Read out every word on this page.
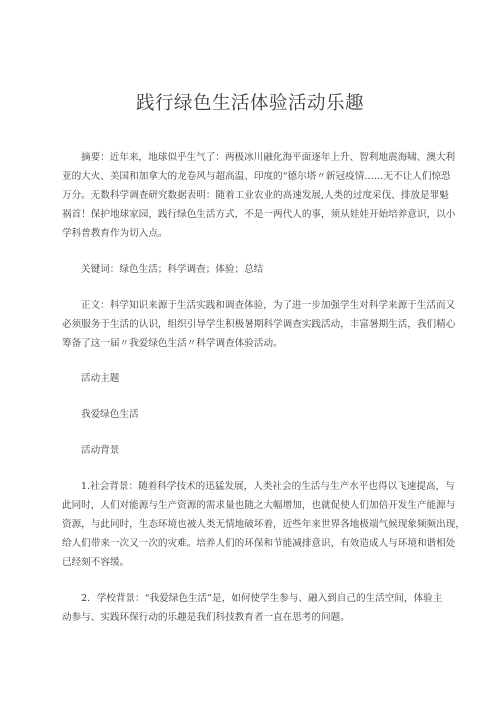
践行绿色生活体验活动乐趣
摘要：近年来，地球似乎生气了：两极冰川融化海平面逐年上升、智利地震海啸、澳大利
亚的大火、美国和加拿大的龙卷风与超高温、印度的“德尔塔〃新冠疫情……无不让人们惊恐
万分。无数科学调查研究数据表明：随着工业农业的高速发展,人类的过度采伐、排放是罪魁
祸首！保护地球家园，践行绿色生活方式，不是一两代人的事，须从娃娃开始培养意识，以小
学科普教育作为切入点。
关键词：绿色生活；科学调查；体验；总结
正文：科学知识来源于生活实践和调查体验，为了进一步加强学生对科学来源于生活而又
必须服务于生活的认识，组织引导学生积极暑期科学调查实践活动，丰富暑期生活，我们精心
筹备了这一届〃我爱绿色生活〃科学调查体验活动。
活动主题
我爱绿色生活
活动背景
1.社会背景：随着科学技术的迅猛发展，人类社会的生活与生产水平也得以飞速提高，与
此同时，人们对能源与生产资源的需求量也随之大幅增加，也就促使人们加倍开发生产能源与
资源，与此同时，生态环境也被人类无情地破坏着，近些年来世界各地极端气候现象频频出现，
给人们带来一次又一次的灾难。培养人们的环保和节能减排意识，有效造成人与环境和谐相处
已经刻不容缓。
2．学校背景：“我爱绿色生活”是，如何使学生参与、融入到自己的生活空间，体验主
动参与、实践环保行动的乐趣是我们科技教育者一直在思考的问题。
